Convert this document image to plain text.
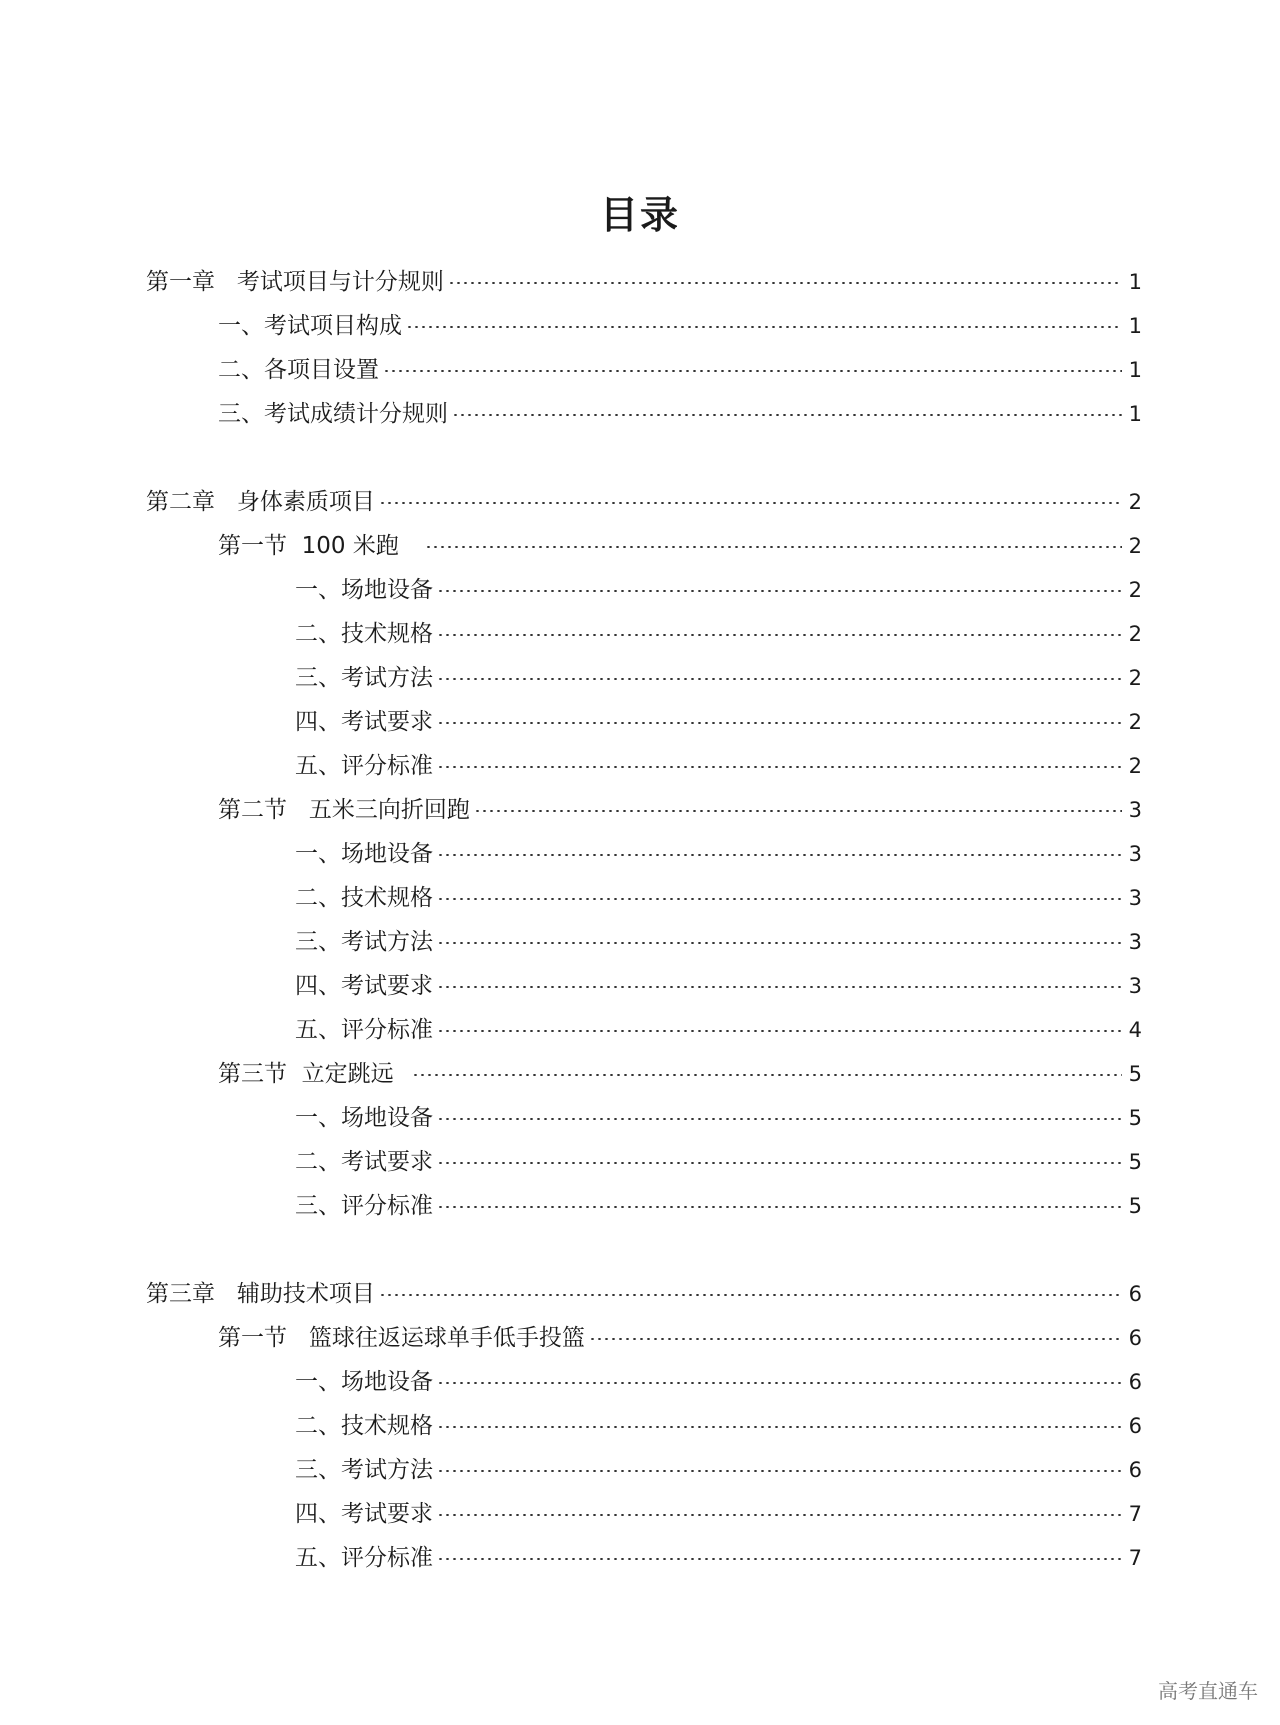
目录
第一章   考试项目与计分规则	1
一、考试项目构成	1
二、各项目设置	1
三、考试成绩计分规则	1
第二章   身体素质项目	2
第一节  100 米跑	2
一、场地设备	2
二、技术规格	2
三、考试方法	2
四、考试要求	2
五、评分标准	2
第二节   五米三向折回跑	3
一、场地设备	3
二、技术规格	3
三、考试方法	3
四、考试要求	3
五、评分标准	4
第三节  立定跳远	5
一、场地设备	5
二、考试要求	5
三、评分标准	5
第三章   辅助技术项目	6
第一节   篮球往返运球单手低手投篮	6
一、场地设备	6
二、技术规格	6
三、考试方法	6
四、考试要求	7
五、评分标准	7
高考直通车
